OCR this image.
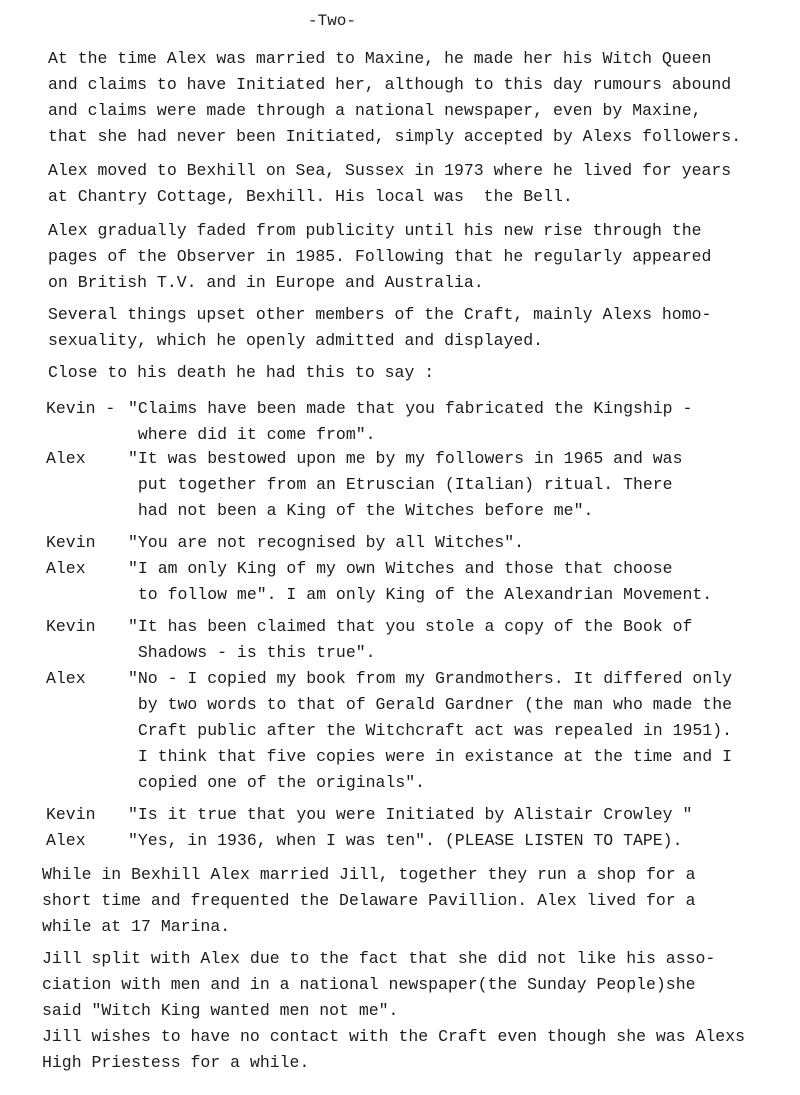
-Two-
At the time Alex was married to Maxine, he made her his Witch Queen
and claims to have Initiated her, although to this day rumours abound
and claims were made through a national newspaper, even by Maxine,
that she had never been Initiated, simply accepted by Alexs followers.
Alex moved to Bexhill on Sea, Sussex in 1973 where he lived for years
at Chantry Cottage, Bexhill. His local was  the Bell.
Alex gradually faded from publicity until his new rise through the
pages of the Observer in 1985. Following that he regularly appeared
on British T.V. and in Europe and Australia.
Several things upset other members of the Craft, mainly Alexs homo-
sexuality, which he openly admitted and displayed.
Close to his death he had this to say :
Kevin - "Claims have been made that you fabricated the Kingship -
where did it come from".
Alex	"It was bestowed upon me by my followers in 1965 and was
put together from an Etruscian (Italian) ritual. There
had not been a King of the Witches before me".
Kevin "You are not recognised by all Witches".
Alex	"I am only King of my own Witches and those that choose
to follow me". I am only King of the Alexandrian Movement.
Kevin "It has been claimed that you stole a copy of the Book of
Shadows - is this true".
Alex	"No - I copied my book from my Grandmothers. It differed only
by two words to that of Gerald Gardner (the man who made the
Craft public after the Witchcraft act was repealed in 1951).
I think that five copies were in existance at the time and I
copied one of the originals".
Kevin "Is it true that you were Initiated by Alistair Crowley "
Alex	"Yes, in 1936, when I was ten". (PLEASE LISTEN TO TAPE).
While in Bexhill Alex married Jill, together they run a shop for a
short time and frequented the Delaware Pavillion. Alex lived for a
while at 17 Marina.
Jill split with Alex due to the fact that she did not like his asso-
ciation with men and in a national newspaper(the Sunday People)she
said "Witch King wanted men not me".
Jill wishes to have no contact with the Craft even though she was Alexs
High Priestess for a while.
